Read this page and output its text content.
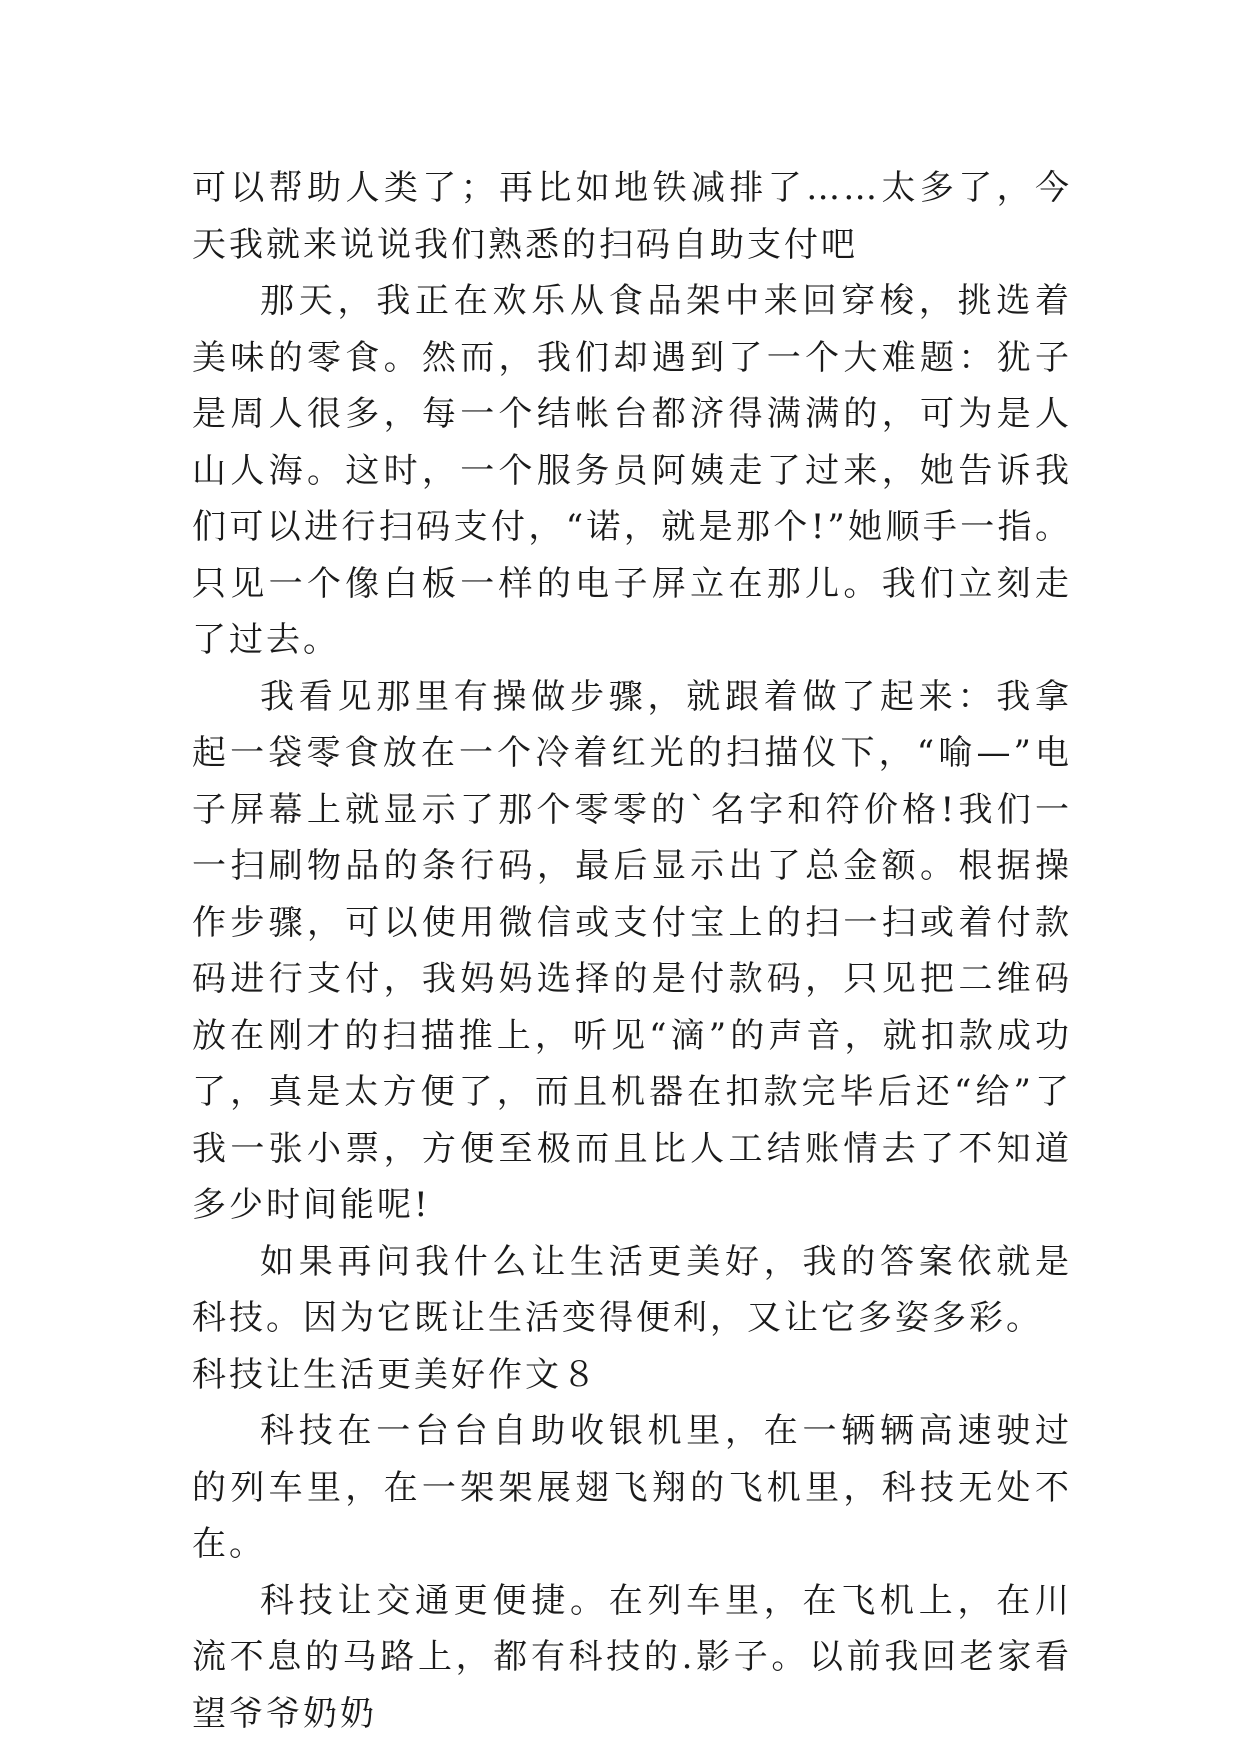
可以帮助人类了；再比如地铁减排了……太多了，今天我就来说说我们熟悉的扫码自助支付吧

那天，我正在欢乐从食品架中来回穿梭，挑选着美味的零食。然而，我们却遇到了一个大难题：犹子是周人很多，每一个结帐台都济得满满的，可为是人山人海。这时，一个服务员阿姨走了过来，她告诉我们可以进行扫码支付，“诺，就是那个!”她顺手一指。只见一个像白板一样的电子屏立在那儿。我们立刻走了过去。

我看见那里有操做步骤，就跟着做了起来：我拿起一袋零食放在一个冷着红光的扫描仪下，“喻—”电子屏幕上就显示了那个零零的`名字和符价格!我们一一扫刷物品的条行码，最后显示出了总金额。根据操作步骤，可以使用微信或支付宝上的扫一扫或着付款码进行支付，我妈妈选择的是付款码，只见把二维码放在刚才的扫描推上，听见“滴”的声音，就扣款成功了，真是太方便了，而且机器在扣款完毕后还“给”了我一张小票，方便至极而且比人工结账情去了不知道多少时间能呢!

如果再问我什么让生活更美好，我的答案依就是科技。因为它既让生活变得便利，又让它多姿多彩。

科技让生活更美好作文８

科技在一台台自助收银机里，在一辆辆高速驶过的列车里，在一架架展翅飞翔的飞机里，科技无处不在。

科技让交通更便捷。在列车里，在飞机上，在川流不息的马路上，都有科技的.影子。以前我回老家看望爷爷奶奶
